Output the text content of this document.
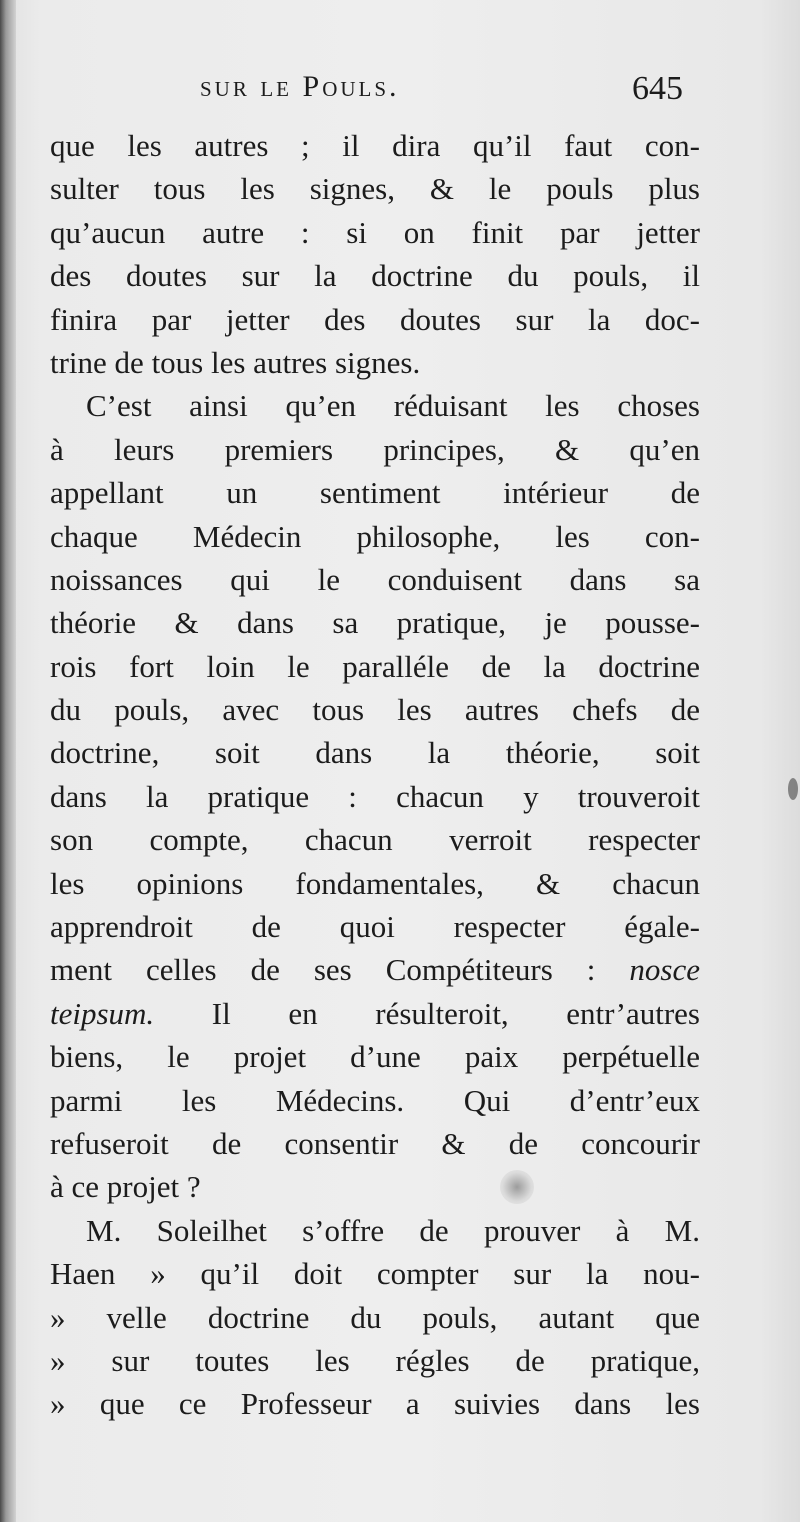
sur le Pouls.	645
que les autres ; il dira qu’il faut con-
sulter tous les signes, & le pouls plus
qu’aucun autre : si on finit par jetter
des doutes sur la doctrine du pouls, il
finira par jetter des doutes sur la doc-
trine de tous les autres signes.
C’est ainsi qu’en réduisant les choses
à leurs premiers principes, & qu’en
appellant un sentiment intérieur de
chaque Médecin philosophe, les con-
noissances qui le conduisent dans sa
théorie & dans sa pratique, je pousse-
rois fort loin le paralléle de la doctrine
du pouls, avec tous les autres chefs de
doctrine, soit dans la théorie, soit
dans la pratique : chacun y trouveroit
son compte, chacun verroit respecter
les opinions fondamentales, & chacun
apprendroit de quoi respecter égale-
ment celles de ses Compétiteurs : nosce
teipsum. Il en résulteroit, entr’autres
biens, le projet d’une paix perpétuelle
parmi les Médecins. Qui d’entr’eux
refuseroit de consentir & de concourir
à ce projet ?
M. Soleilhet s’offre de prouver à M.
Haen » qu’il doit compter sur la nou-
» velle doctrine du pouls, autant que
» sur toutes les régles de pratique,
» que ce Professeur a suivies dans les
